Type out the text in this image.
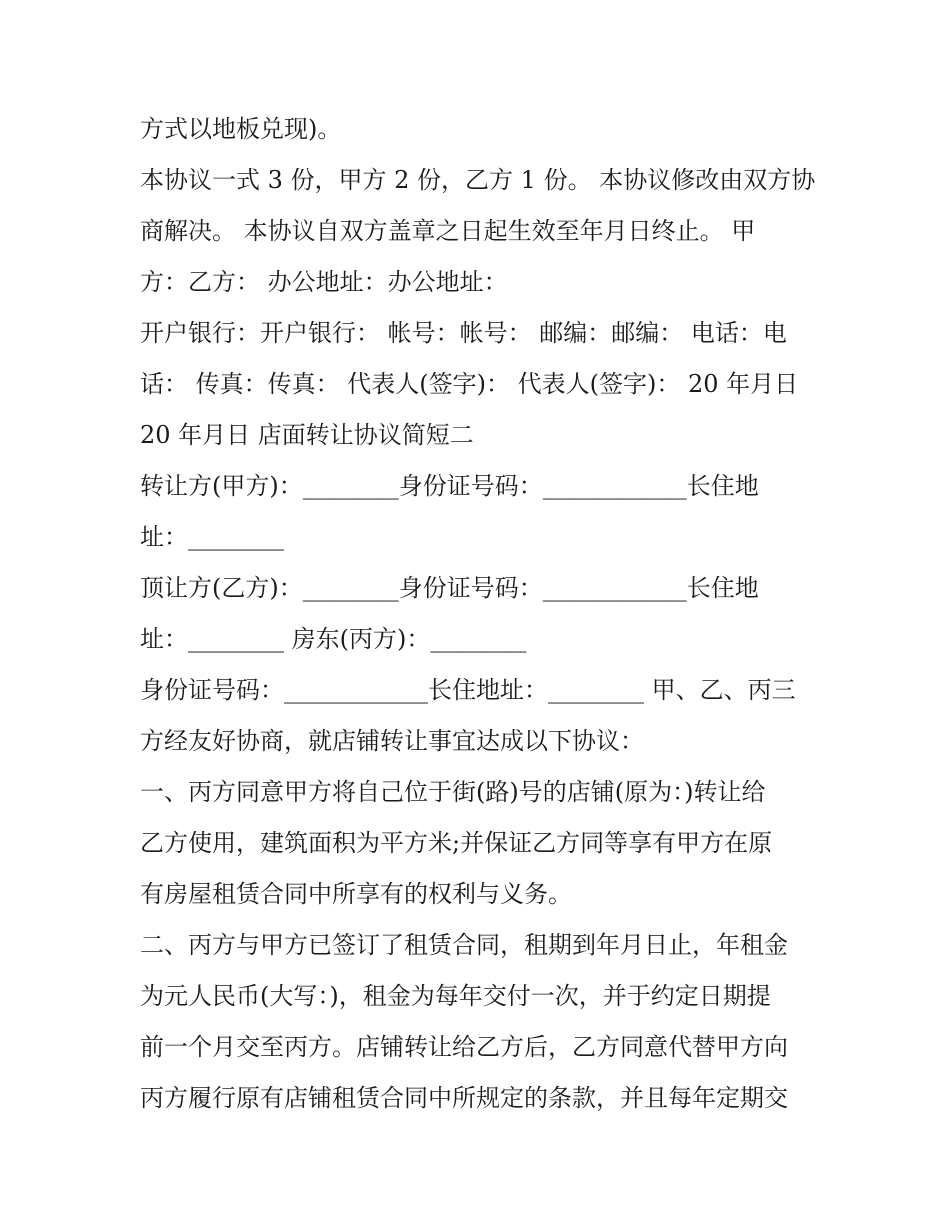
方式以地板兑现)。

本协议一式 3 份，甲方 2 份，乙方 1 份。 本协议修改由双方协

商解决。 本协议自双方盖章之日起生效至年月日终止。 甲

方：乙方： 办公地址：办公地址：

开户银行：开户银行： 帐号：帐号： 邮编：邮编： 电话：电

话： 传真：传真： 代表人(签字)： 代表人(签字)： 20 年月日

20 年月日 店面转让协议简短二

转让方(甲方)：________身份证号码：____________长住地

址：________

顶让方(乙方)：________身份证号码：____________长住地

址：________ 房东(丙方)：________

身份证号码：____________长住地址：________ 甲、乙、丙三

方经友好协商，就店铺转让事宜达成以下协议：

一、丙方同意甲方将自己位于街(路)号的店铺(原为：)转让给

乙方使用，建筑面积为平方米;并保证乙方同等享有甲方在原

有房屋租赁合同中所享有的权利与义务。

二、丙方与甲方已签订了租赁合同，租期到年月日止，年租金

为元人民币(大写：)，租金为每年交付一次，并于约定日期提

前一个月交至丙方。店铺转让给乙方后，乙方同意代替甲方向

丙方履行原有店铺租赁合同中所规定的条款，并且每年定期交
